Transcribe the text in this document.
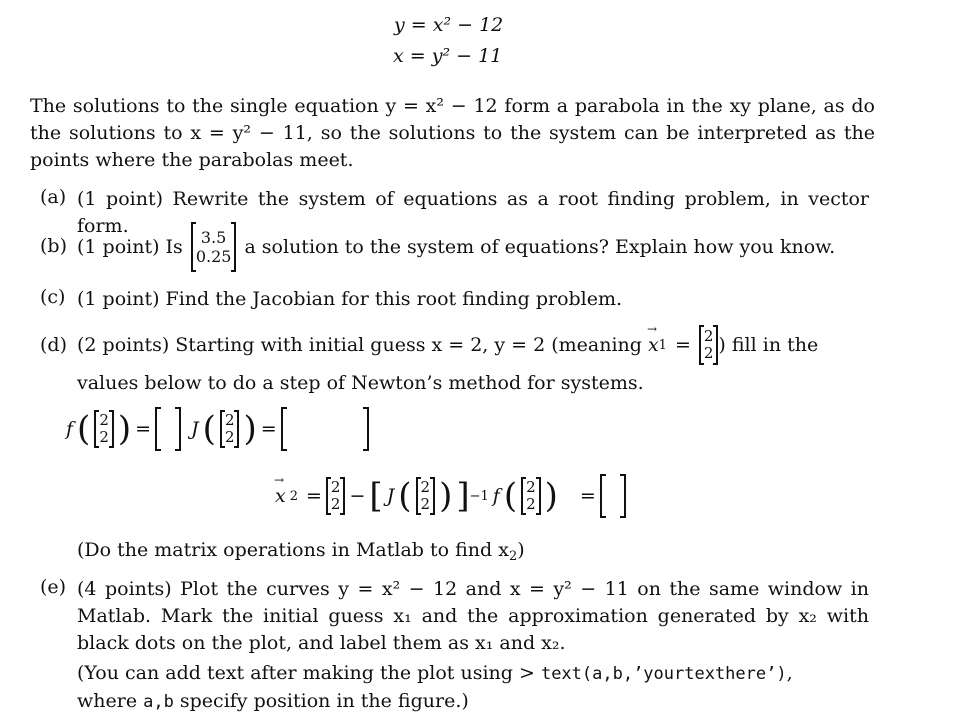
y = x² − 12
x = y² − 11
The solutions to the single equation y = x² − 12 form a parabola in the xy plane, as do the solutions to x = y² − 11, so the solutions to the system can be interpreted as the points where the parabolas meet.
(a) (1 point) Rewrite the system of equations as a root finding problem, in vector form.
(b) (1 point) Is 3.5
0.25 a solution to the system of equations? Explain how you know.
(c) (1 point) Find the Jacobian for this root finding problem.
(d) (2 points) Starting with initial guess x = 2, y = 2 (meaning
→ x 1 = 2
2 ) fill in the
values below to do a step of Newton’s method for systems.
f ( 2
2 ) = J ( 2
2 ) =
→ x 2 = 2
2 − [ J ( 2
2 ) ] −1 f ( 2
2 ) =
(Do the matrix operations in Matlab to find $x_2$)
(e) (4 points) Plot the curves y = x² − 12 and x = y² − 11 on the same window in Matlab. Mark the initial guess x₁ and the approximation generated by x₂ with black dots on the plot, and label them as x₁ and x₂.
(You can add text after making the plot using > text(a,b,’yourtexthere’),
where a,b specify position in the figure.)
